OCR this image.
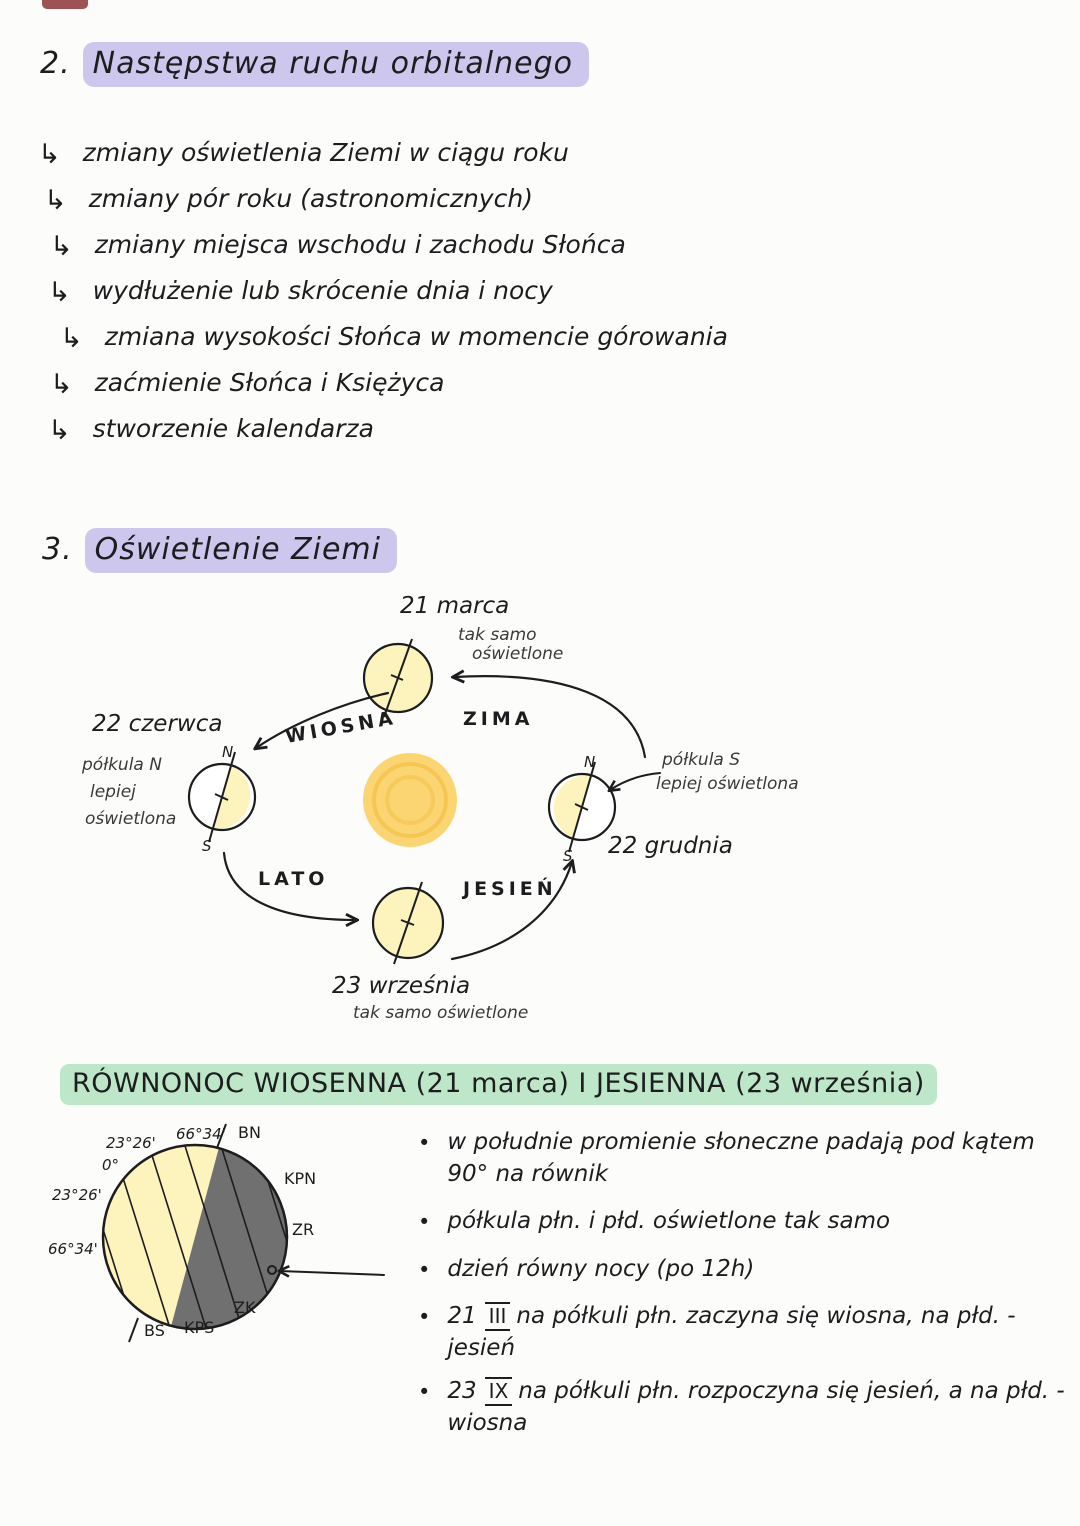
2. Następstwa ruchu orbitalnego
↳ zmiany oświetlenia Ziemi w ciągu roku
↳ zmiany pór roku (astronomicznych)
↳ zmiany miejsca wschodu i zachodu Słońca
↳ wydłużenie lub skrócenie dnia i nocy
↳ zmiana wysokości Słońca w momencie górowania
↳ zaćmienie Słońca i Księżyca
↳ stworzenie kalendarza
3. Oświetlenie Ziemi
N
S
N
S
21 marca
tak samo
oświetlone
ZIMA
WIOSNA
22 czerwca
półkula N
lepiej
oświetlona
półkula S
lepiej oświetlona
22 grudnia
LATO	JESIEŃ
23 września
tak samo oświetlone
RÓWNONOC WIOSENNA (21 marca) I JESIENNA (23 września)
23°26' 66°34' BN
0°
KPN
23°26'
ZR
66°34'
ZK
BS KPS
• w południe promienie słoneczne padają pod kątem 90° na równik
• półkula płn. i płd. oświetlone tak samo
• dzień równy nocy (po 12h)
• 21 III na półkuli płn. zaczyna się wiosna, na płd. - jesień
• 23 IX na półkuli płn. rozpoczyna się jesień, a na płd. - wiosna
